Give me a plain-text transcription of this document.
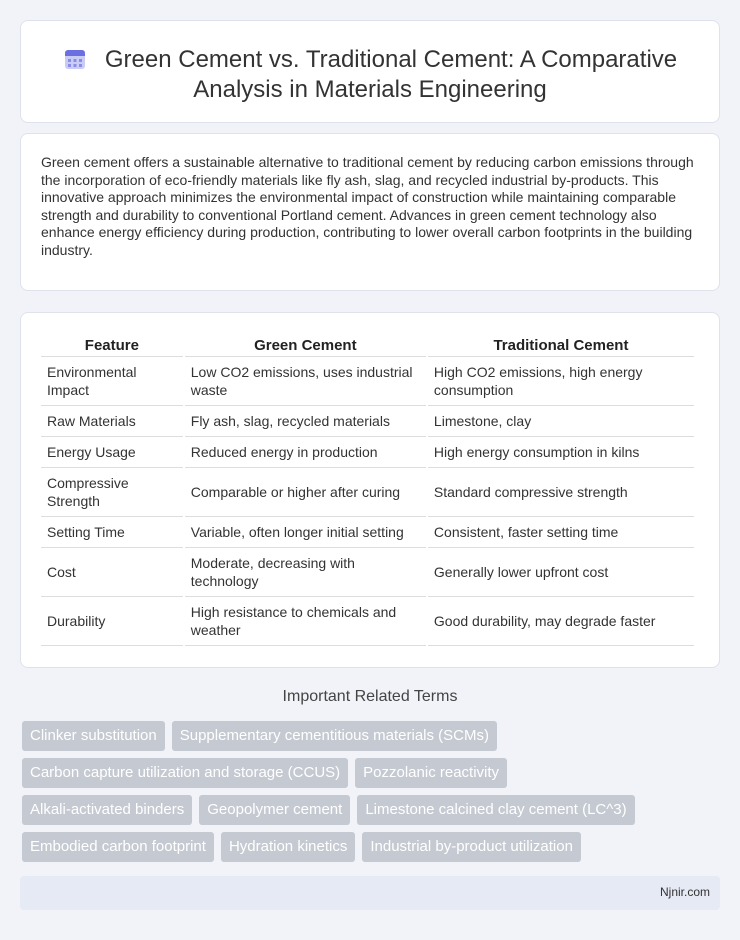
Green Cement vs. Traditional Cement: A Comparative
Analysis in Materials Engineering

Green cement offers a sustainable alternative to traditional cement by reducing carbon emissions through the incorporation of eco-friendly materials like fly ash, slag, and recycled industrial by-products. This innovative approach minimizes the environmental impact of construction while maintaining comparable strength and durability to conventional Portland cement. Advances in green cement technology also enhance energy efficiency during production, contributing to lower overall carbon footprints in the building industry.

Feature	Green Cement	Traditional Cement
Environmental Impact	Low CO2 emissions, uses industrial waste	High CO2 emissions, high energy consumption
Raw Materials	Fly ash, slag, recycled materials	Limestone, clay
Energy Usage	Reduced energy in production	High energy consumption in kilns
Compressive Strength	Comparable or higher after curing	Standard compressive strength
Setting Time	Variable, often longer initial setting	Consistent, faster setting time
Cost	Moderate, decreasing with technology	Generally lower upfront cost
Durability	High resistance to chemicals and weather	Good durability, may degrade faster
Important Related Terms
Clinker substitution	Supplementary cementitious materials (SCMs)
Carbon capture utilization and storage (CCUS)	Pozzolanic reactivity
Alkali-activated binders	Geopolymer cement	Limestone calcined clay cement (LC^3)
Embodied carbon footprint	Hydration kinetics	Industrial by-product utilization
Njnir.com
